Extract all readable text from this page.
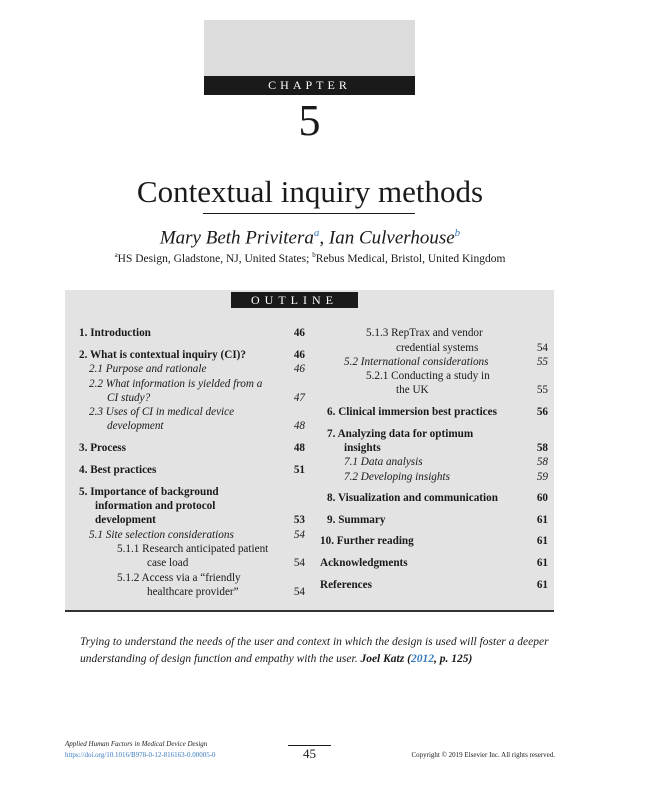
CHAPTER
5
Contextual inquiry methods
Mary Beth Privitera$^a$, Ian Culverhouse$^b$
$^a$HS Design, Gladstone, NJ, United States; $^b$Rebus Medical, Bristol, United Kingdom
OUTLINE
1. Introduction	46
2. What is contextual inquiry (CI)?	46
2.1 Purpose and rationale	46
2.2 What information is yielded from a
CI study?	47
2.3 Uses of CI in medical device
development	48
3. Process	48
4. Best practices	51
5. Importance of background
information and protocol
development	53
5.1 Site selection considerations	54
5.1.1 Research anticipated patient
case load	54
5.1.2 Access via a “friendly
healthcare provider”	54
5.1.3 RepTrax and vendor
credential systems	54
5.2 International considerations	55
5.2.1 Conducting a study in
the UK	55
6. Clinical immersion best practices	56
7. Analyzing data for optimum
insights	58
7.1 Data analysis	58
7.2 Developing insights	59
8. Visualization and communication	60
9. Summary	61
10. Further reading	61
Acknowledgments	61
References	61
Trying to understand the needs of the user and context in which the design is used will foster a deeper understanding of design function and empathy with the user. Joel Katz (2012, p. 125)
Applied Human Factors in Medical Device Design
https://doi.org/10.1016/B978-0-12-816163-0.00005-0	45	Copyright © 2019 Elsevier Inc. All rights reserved.
